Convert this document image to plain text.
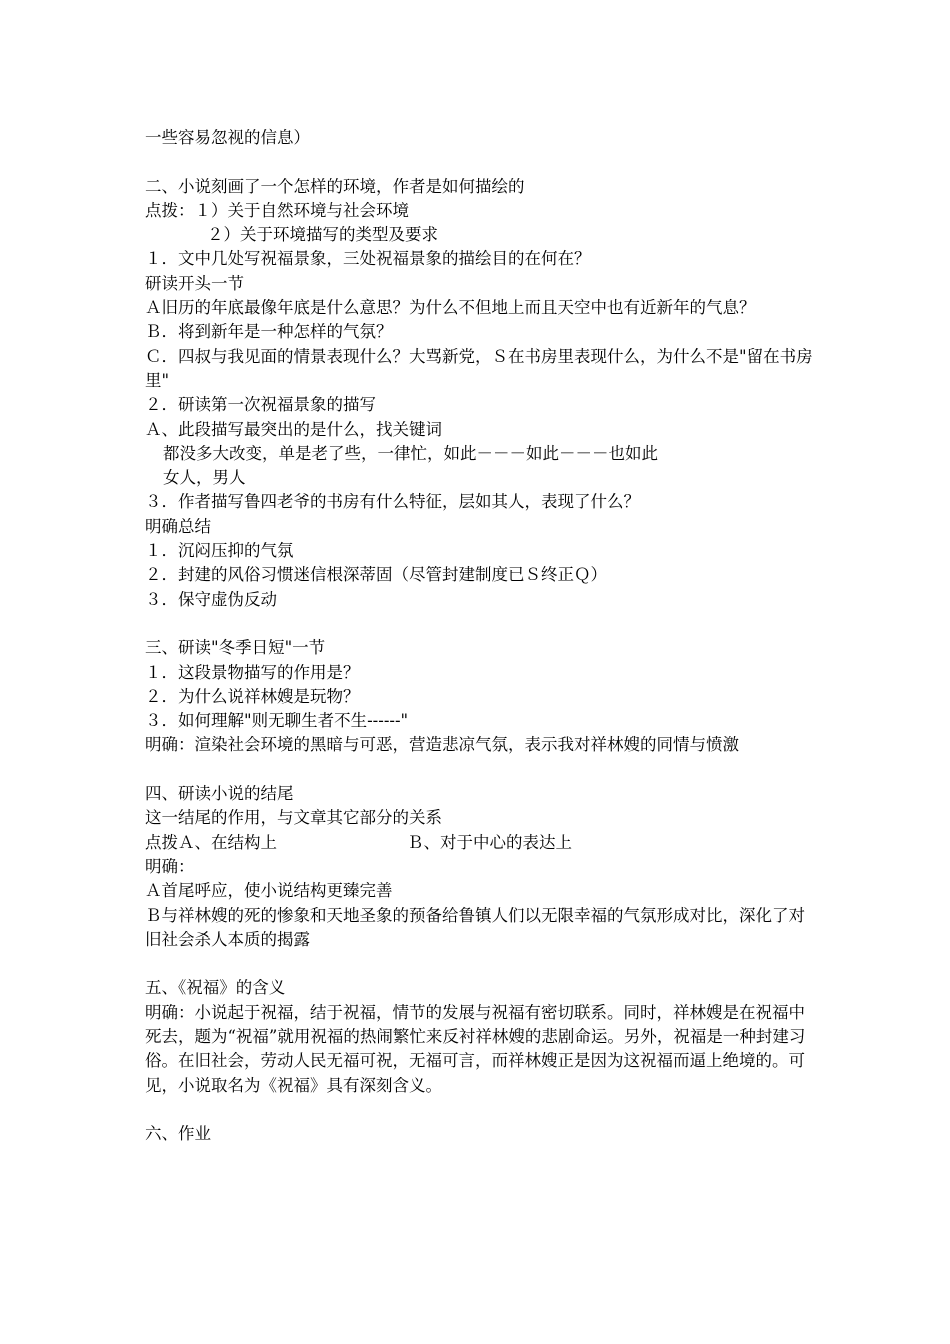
一些容易忽视的信息）
二、小说刻画了一个怎样的环境，作者是如何描绘的
点拨：１）关于自然环境与社会环境
２）关于环境描写的类型及要求
１．文中几处写祝福景象，三处祝福景象的描绘目的在何在？
研读开头一节
Ａ旧历的年底最像年底是什么意思？为什么不但地上而且天空中也有近新年的气息？
Ｂ．将到新年是一种怎样的气氛？
Ｃ．四叔与我见面的情景表现什么？大骂新党，Ｓ在书房里表现什么，为什么不是"留在书房里"
２．研读第一次祝福景象的描写
Ａ、此段描写最突出的是什么，找关键词
都没多大改变，单是老了些，一律忙，如此－－－如此－－－也如此
女人，男人
３．作者描写鲁四老爷的书房有什么特征，层如其人，表现了什么？
明确总结
１．沉闷压抑的气氛
２．封建的风俗习惯迷信根深蒂固（尽管封建制度已Ｓ终正Ｑ）
３．保守虚伪反动
三、研读"冬季日短"一节
１．这段景物描写的作用是？
２．为什么说祥林嫂是玩物？
３．如何理解"则无聊生者不生------"
明确：渲染社会环境的黑暗与可恶，营造悲凉气氛，表示我对祥林嫂的同情与愤激
四、研读小说的结尾
这一结尾的作用，与文章其它部分的关系
点拨Ａ、在结构上	Ｂ、对于中心的表达上
明确：
Ａ首尾呼应，使小说结构更臻完善
Ｂ与祥林嫂的死的惨象和天地圣象的预备给鲁镇人们以无限幸福的气氛形成对比，深化了对旧社会杀人本质的揭露
五、《祝福》的含义
明确：小说起于祝福，结于祝福，情节的发展与祝福有密切联系。同时，祥林嫂是在祝福中死去，题为“祝福”就用祝福的热闹繁忙来反衬祥林嫂的悲剧命运。另外，祝福是一种封建习俗。在旧社会，劳动人民无福可祝，无福可言，而祥林嫂正是因为这祝福而逼上绝境的。可见，小说取名为《祝福》具有深刻含义。
六、作业
